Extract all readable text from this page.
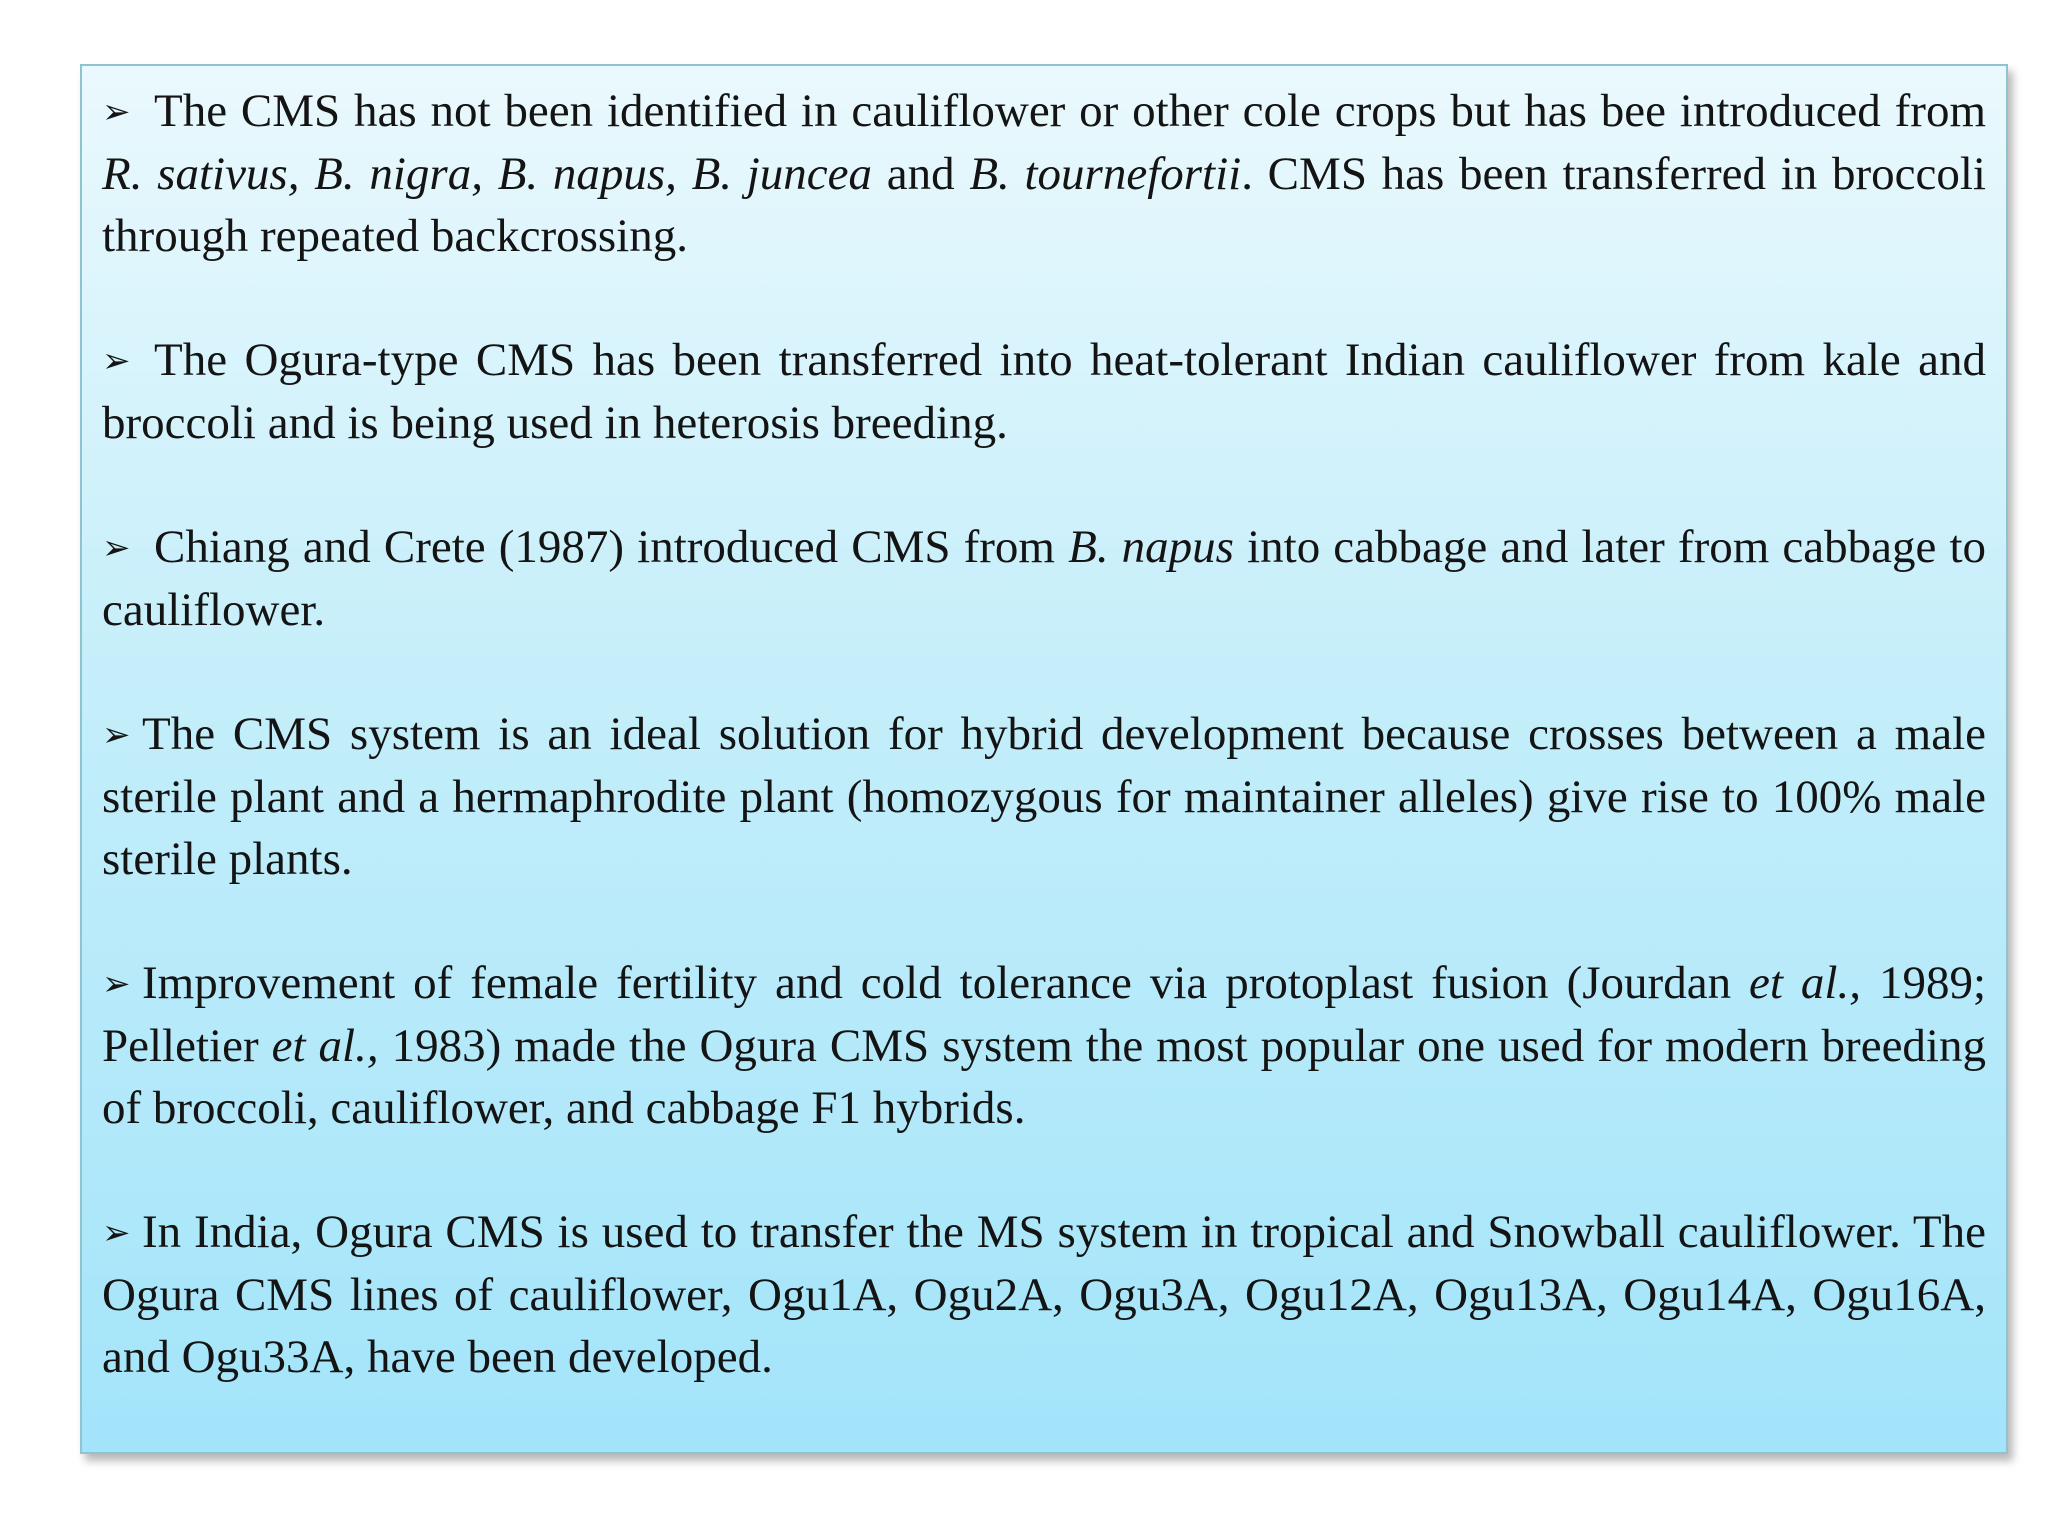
➢ The CMS has not been identified in cauliflower or other cole crops but has bee introduced from R. sativus, B. nigra, B. napus, B. juncea and B. tournefortii. CMS has been transferred in broccoli through repeated backcrossing.

➢ The Ogura-type CMS has been transferred into heat-tolerant Indian cauliflower from kale and broccoli and is being used in heterosis breeding.

➢ Chiang and Crete (1987) introduced CMS from B. napus into cabbage and later from cabbage to cauliflower.

➢ The CMS system is an ideal solution for hybrid development because crosses between a male sterile plant and a hermaphrodite plant (homozygous for maintainer alleles) give rise to 100% male sterile plants.

➢ Improvement of female fertility and cold tolerance via protoplast fusion (Jourdan et al., 1989; Pelletier et al., 1983) made the Ogura CMS system the most popular one used for modern breeding of broccoli, cauliflower, and cabbage F1 hybrids.

➢ In India, Ogura CMS is used to transfer the MS system in tropical and Snowball cauliflower. The Ogura CMS lines of cauliflower, Ogu1A, Ogu2A, Ogu3A, Ogu12A, Ogu13A, Ogu14A, Ogu16A, and Ogu33A, have been developed.
